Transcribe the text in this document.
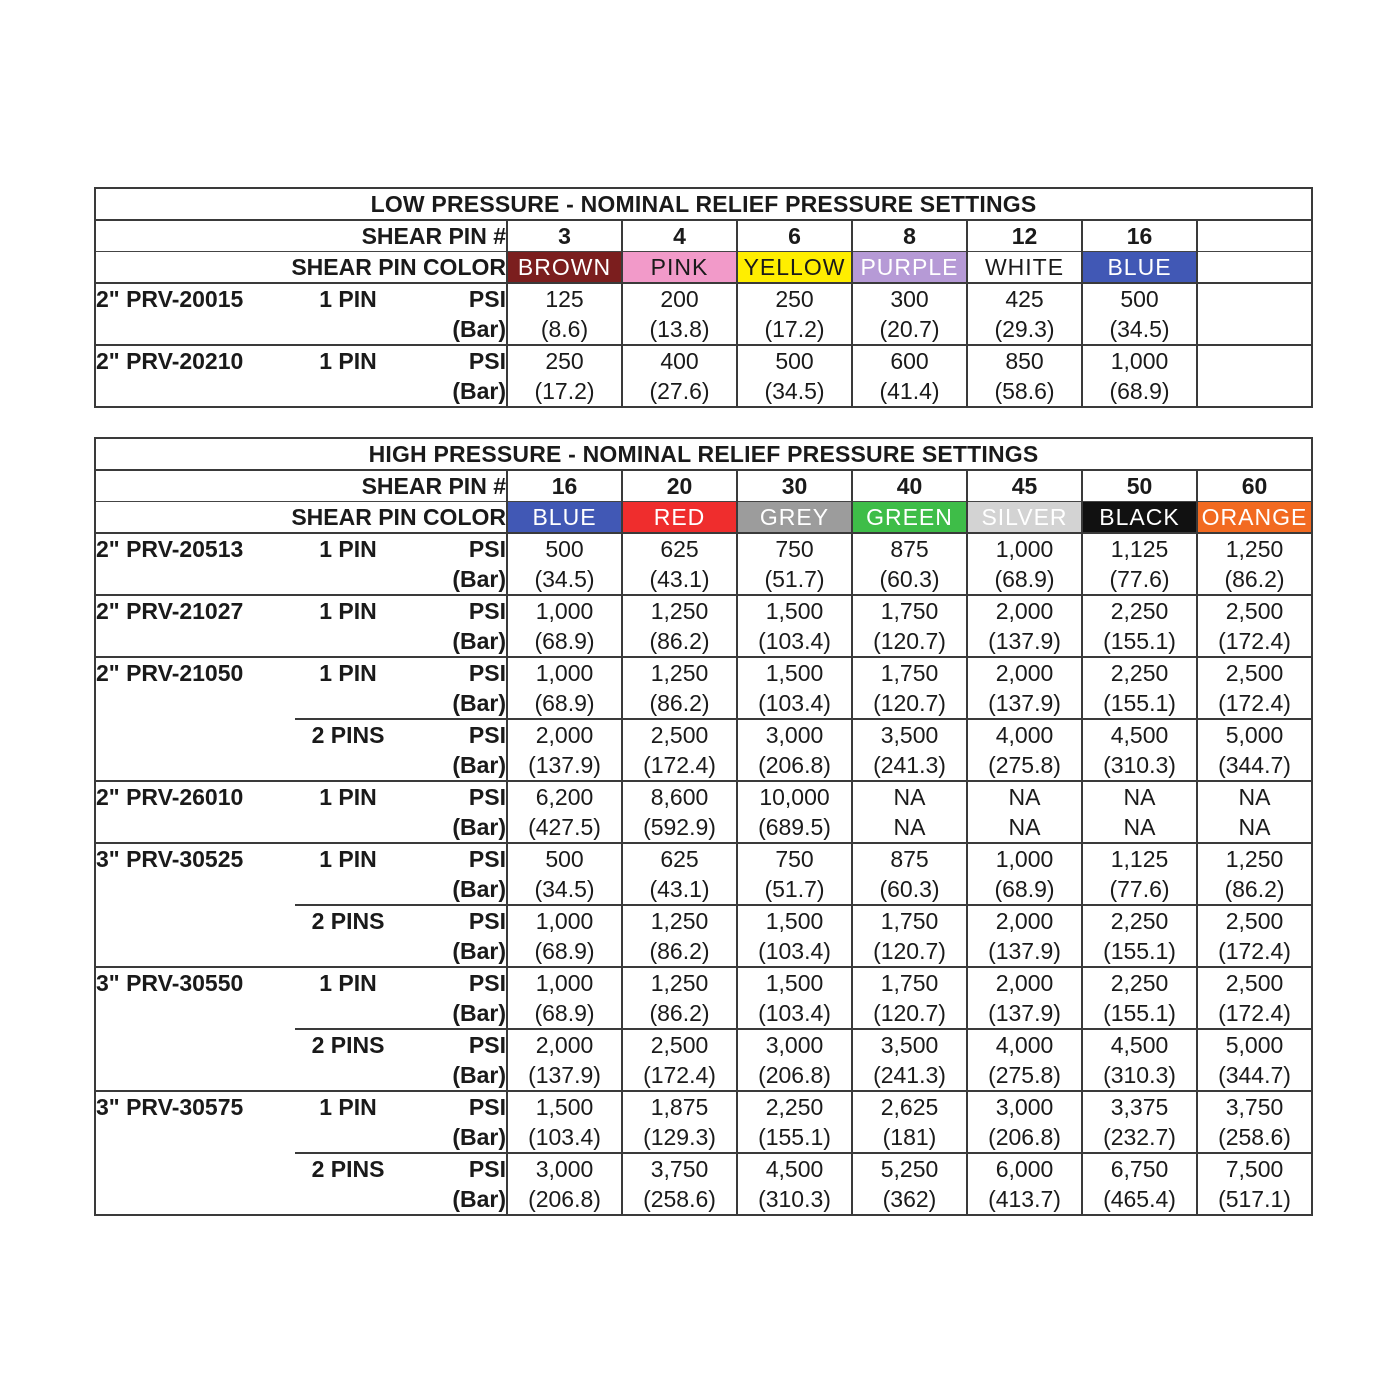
LOW PRESSURE - NOMINAL RELIEF PRESSURE SETTINGS									
SHEAR PIN #			3	4	6	8	12	16	
SHEAR PIN COLOR			BROWN	PINK	YELLOW	PURPLE	WHITE	BLUE	
2" PRV-20015	1 PIN	PSI	125	200	250	300	425	500	
		(Bar)	(8.6)	(13.8)	(17.2)	(20.7)	(29.3)	(34.5)	
2" PRV-20210	1 PIN	PSI	250	400	500	600	850	1,000	
		(Bar)	(17.2)	(27.6)	(34.5)	(41.4)	(58.6)	(68.9)	
HIGH PRESSURE - NOMINAL RELIEF PRESSURE SETTINGS									
SHEAR PIN #			16	20	30	40	45	50	60
SHEAR PIN COLOR			BLUE	RED	GREY	GREEN	SILVER	BLACK	ORANGE
2" PRV-20513	1 PIN	PSI	500	625	750	875	1,000	1,125	1,250
		(Bar)	(34.5)	(43.1)	(51.7)	(60.3)	(68.9)	(77.6)	(86.2)
2" PRV-21027	1 PIN	PSI	1,000	1,250	1,500	1,750	2,000	2,250	2,500
		(Bar)	(68.9)	(86.2)	(103.4)	(120.7)	(137.9)	(155.1)	(172.4)
2" PRV-21050	1 PIN	PSI	1,000	1,250	1,500	1,750	2,000	2,250	2,500
		(Bar)	(68.9)	(86.2)	(103.4)	(120.7)	(137.9)	(155.1)	(172.4)
	2 PINS	PSI	2,000	2,500	3,000	3,500	4,000	4,500	5,000
		(Bar)	(137.9)	(172.4)	(206.8)	(241.3)	(275.8)	(310.3)	(344.7)
2" PRV-26010	1 PIN	PSI	6,200	8,600	10,000	NA	NA	NA	NA
		(Bar)	(427.5)	(592.9)	(689.5)	NA	NA	NA	NA
3" PRV-30525	1 PIN	PSI	500	625	750	875	1,000	1,125	1,250
		(Bar)	(34.5)	(43.1)	(51.7)	(60.3)	(68.9)	(77.6)	(86.2)
	2 PINS	PSI	1,000	1,250	1,500	1,750	2,000	2,250	2,500
		(Bar)	(68.9)	(86.2)	(103.4)	(120.7)	(137.9)	(155.1)	(172.4)
3" PRV-30550	1 PIN	PSI	1,000	1,250	1,500	1,750	2,000	2,250	2,500
		(Bar)	(68.9)	(86.2)	(103.4)	(120.7)	(137.9)	(155.1)	(172.4)
	2 PINS	PSI	2,000	2,500	3,000	3,500	4,000	4,500	5,000
		(Bar)	(137.9)	(172.4)	(206.8)	(241.3)	(275.8)	(310.3)	(344.7)
3" PRV-30575	1 PIN	PSI	1,500	1,875	2,250	2,625	3,000	3,375	3,750
		(Bar)	(103.4)	(129.3)	(155.1)	(181)	(206.8)	(232.7)	(258.6)
	2 PINS	PSI	3,000	3,750	4,500	5,250	6,000	6,750	7,500
		(Bar)	(206.8)	(258.6)	(310.3)	(362)	(413.7)	(465.4)	(517.1)
